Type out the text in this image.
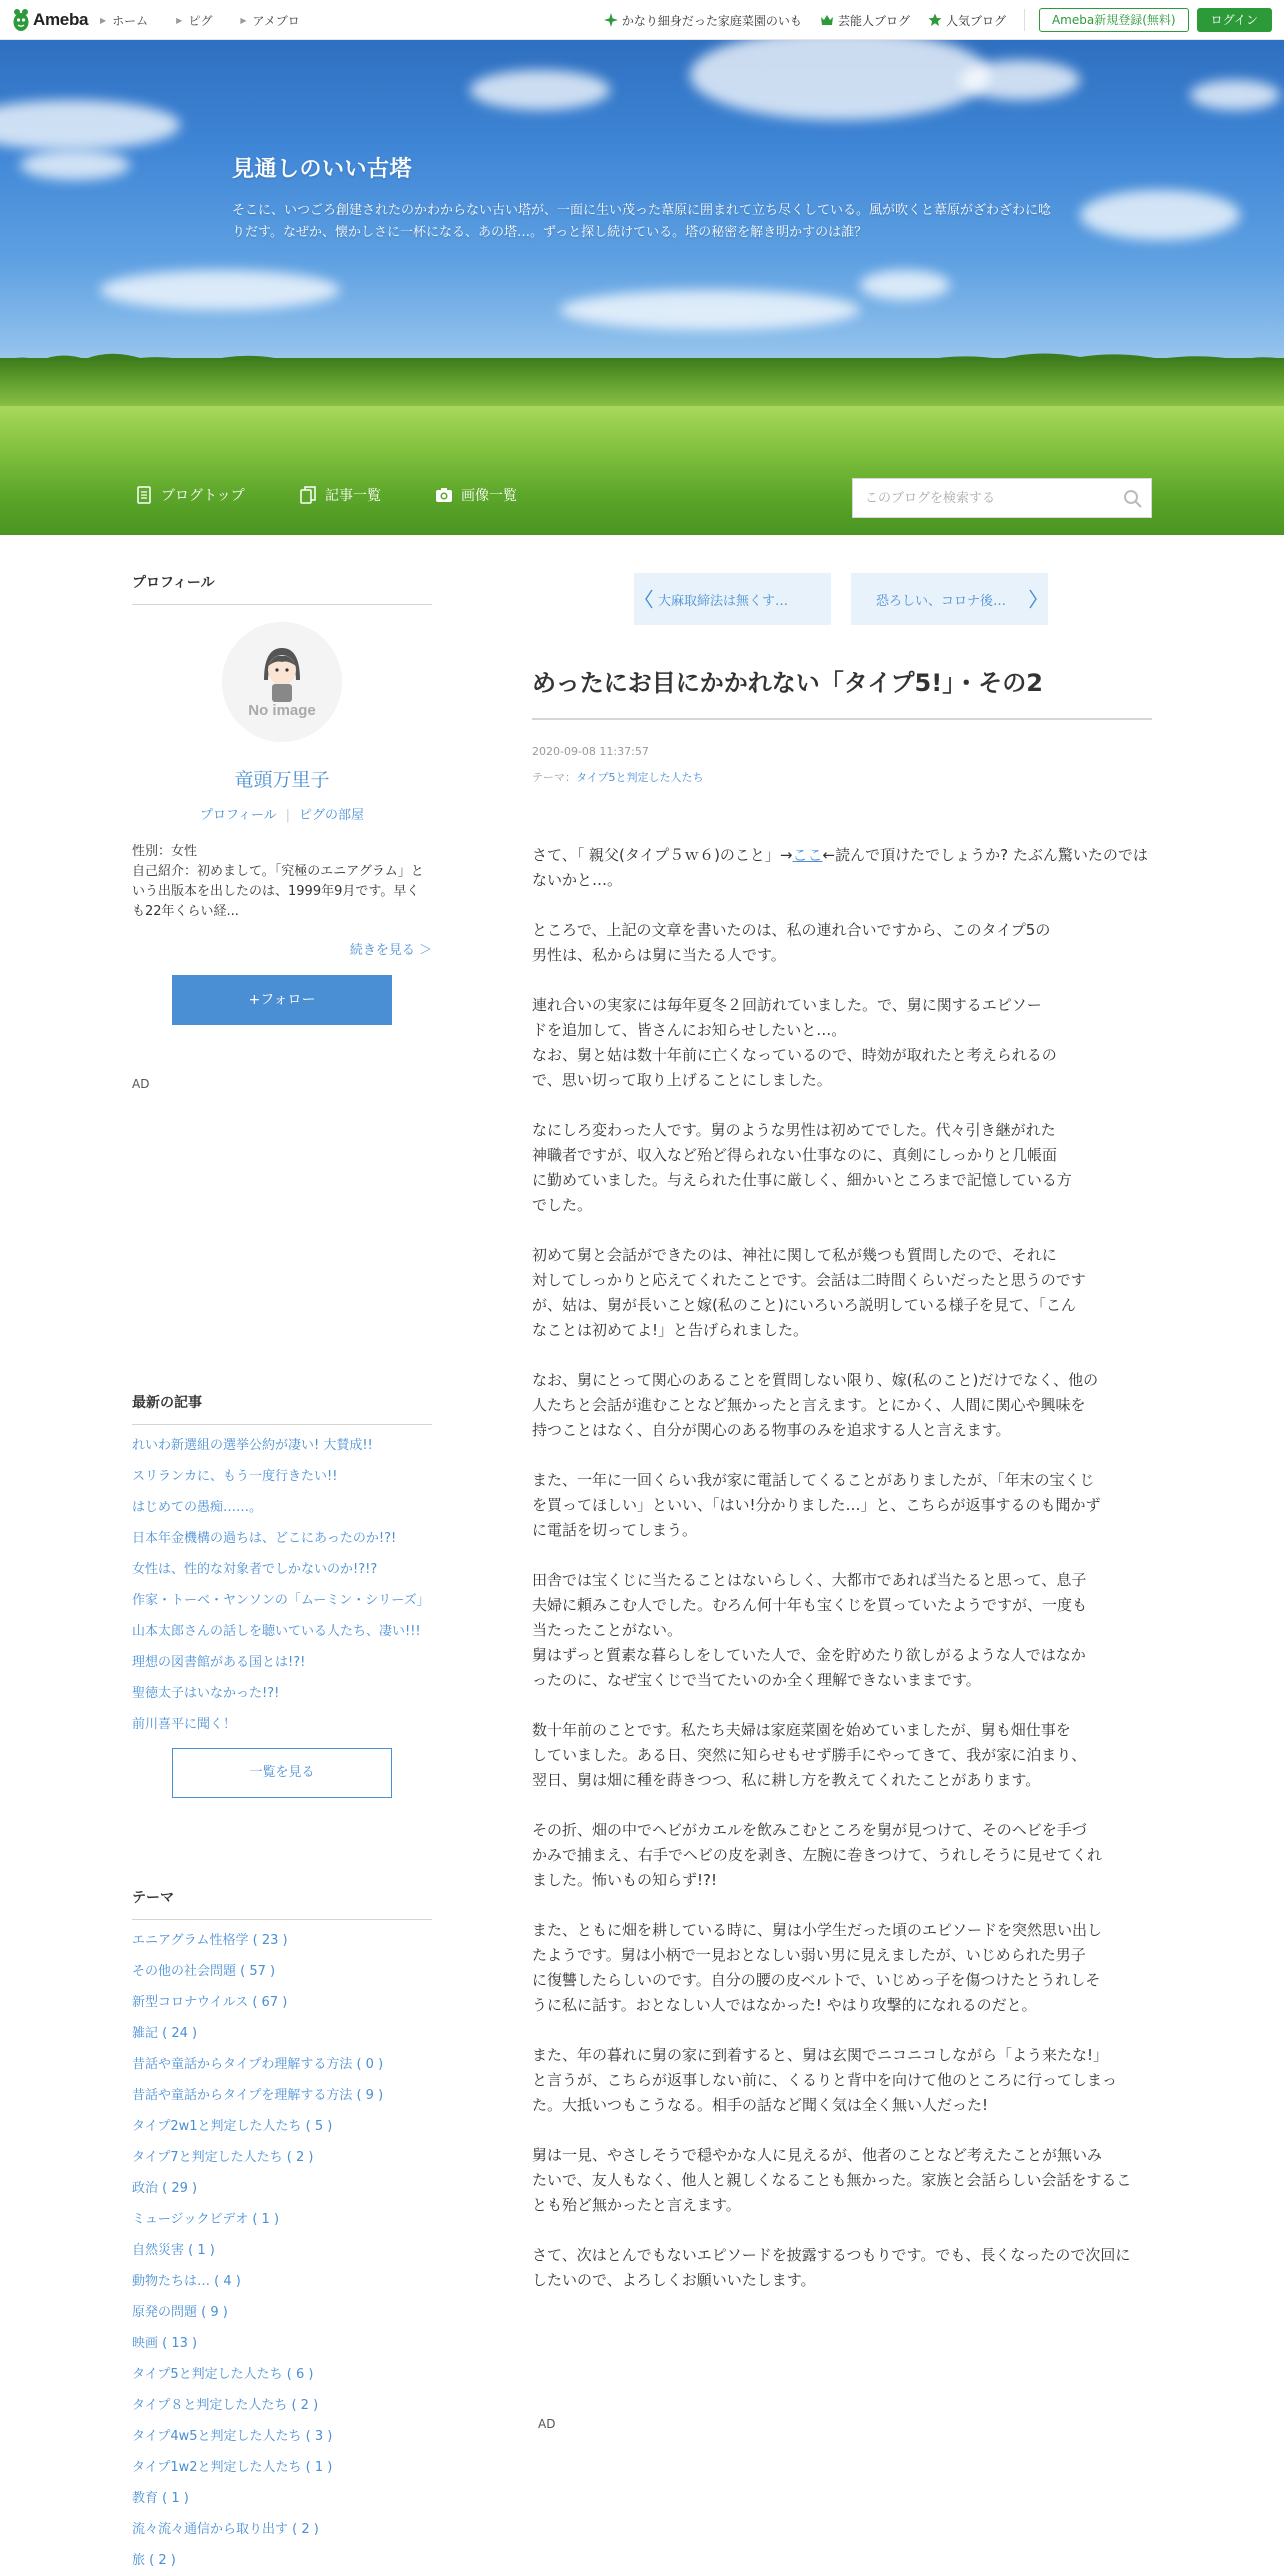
Ameba ▶ ホーム	▶ ピグ	▶ アメブロ	かなり細身だった家庭菜園のいも	芸能人ブログ	人気ブログ	Ameba新規登録(無料)	ログイン
見通しのいい古塔
そこに、いつごろ創建されたのかわからない古い塔が、一面に生い茂った葦原に囲まれて立ち尽くしている。風が吹くと葦原がざわざわに唸りだす。なぜか、懐かしさに一杯になる、あの塔…。ずっと探し続けている。塔の秘密を解き明かすのは誰？
ブログトップ	記事一覧	画像一覧
このブログを検索する
プロフィール
No image
竜頭万里子
プロフィール | ピグの部屋
性別：女性
自己紹介：初めまして。「究極のエニアグラム」という出版本を出したのは、1999年9月です。早くも22年くらい経...
続きを見る ＞
+フォロー
AD
最新の記事
れいわ新選組の選挙公約が凄い! 大賛成!!
スリランカに、もう一度行きたい!!
はじめての愚痴……。
日本年金機構の過ちは、どこにあったのか!?!
女性は、性的な対象者でしかないのか!?!?
作家・トーベ・ヤンソンの「ムーミン・シリーズ」
山本太郎さんの話しを聴いている人たち、凄い!!!
理想の図書館がある国とは!?!
聖徳太子はいなかった!?!
前川喜平に聞く！
一覧を見る
テーマ
エニアグラム性格学 ( 23 )
その他の社会問題 ( 57 )
新型コロナウイルス ( 67 )
雑記 ( 24 )
昔話や童話からタイプわ理解する方法 ( 0 )
昔話や童話からタイプを理解する方法 ( 9 )
タイプ2w1と判定した人たち ( 5 )
タイプ7と判定した人たち ( 2 )
政治 ( 29 )
ミュージックビデオ ( 1 )
自然災害 ( 1 )
動物たちは… ( 4 )
原発の問題 ( 9 )
映画 ( 13 )
タイプ5と判定した人たち ( 6 )
タイプ８と判定した人たち ( 2 )
タイプ4w5と判定した人たち ( 3 )
タイプ1w2と判定した人たち ( 1 )
教育 ( 1 )
流々流々通信から取り出す ( 2 )
旅 ( 2 )
大麻取締法は無くす…	恐ろしい、コロナ後…
めったにお目にかかれない「タイプ5!」・その2
2020-09-08 11:37:57
テーマ：タイプ5と判定した人たち

さて、「 親父(タイプ５ｗ６)のこと」→ここ←読んで頂けたでしょうか? たぶん驚いたのではないかと…。

ところで、上記の文章を書いたのは、私の連れ合いですから、このタイプ5の
男性は、私からは舅に当たる人です。

連れ合いの実家には毎年夏冬２回訪れていました。で、舅に関するエピソー
ドを追加して、皆さんにお知らせしたいと…。
なお、舅と姑は数十年前に亡くなっているので、時効が取れたと考えられるの
で、思い切って取り上げることにしました。

なにしろ変わった人です。舅のような男性は初めてでした。代々引き継がれた
神職者ですが、収入など殆ど得られない仕事なのに、真剣にしっかりと几帳面
に勤めていました。与えられた仕事に厳しく、細かいところまで記憶している方
でした。

初めて舅と会話ができたのは、神社に関して私が幾つも質問したので、それに
対してしっかりと応えてくれたことです。会話は二時間くらいだったと思うのです
が、姑は、舅が長いこと嫁(私のこと)にいろいろ説明している様子を見て、「こん
なことは初めてよ!」と告げられました。

なお、舅にとって関心のあることを質問しない限り、嫁(私のこと)だけでなく、他の
人たちと会話が進むことなど無かったと言えます。とにかく、人間に関心や興味を
持つことはなく、自分が関心のある物事のみを追求する人と言えます。

また、一年に一回くらい我が家に電話してくることがありましたが、「年末の宝くじ
を買ってほしい」といい、「はい!分かりました…」と、こちらが返事するのも聞かず
に電話を切ってしまう。

田舎では宝くじに当たることはないらしく、大都市であれば当たると思って、息子
夫婦に頼みこむ人でした。むろん何十年も宝くじを買っていたようですが、一度も
当たったことがない。
舅はずっと質素な暮らしをしていた人で、金を貯めたり欲しがるような人ではなか
ったのに、なぜ宝くじで当てたいのか全く理解できないままです。

数十年前のことです。私たち夫婦は家庭菜園を始めていましたが、舅も畑仕事を
していました。ある日、突然に知らせもせず勝手にやってきて、我が家に泊まり、
翌日、舅は畑に種を蒔きつつ、私に耕し方を教えてくれたことがあります。

その折、畑の中でヘビがカエルを飲みこむところを舅が見つけて、そのヘビを手づ
かみで捕まえ、右手でヘビの皮を剥き、左腕に巻きつけて、うれしそうに見せてくれ
ました。怖いもの知らず!?!

また、ともに畑を耕している時に、舅は小学生だった頃のエピソードを突然思い出し
たようです。舅は小柄で一見おとなしい弱い男に見えましたが、いじめられた男子
に復讐したらしいのです。自分の腰の皮ベルトで、いじめっ子を傷つけたとうれしそ
うに私に話す。おとなしい人ではなかった! やはり攻撃的になれるのだと。

また、年の暮れに舅の家に到着すると、舅は玄関でニコニコしながら「よう来たな!」
と言うが、こちらが返事しない前に、くるりと背中を向けて他のところに行ってしまっ
た。大抵いつもこうなる。相手の話など聞く気は全く無い人だった!

舅は一見、やさしそうで穏やかな人に見えるが、他者のことなど考えたことが無いみ
たいで、友人もなく、他人と親しくなることも無かった。家族と会話らしい会話をするこ
とも殆ど無かったと言えます。

さて、次はとんでもないエピソードを披露するつもりです。でも、長くなったので次回に
したいので、よろしくお願いいたします。

AD
